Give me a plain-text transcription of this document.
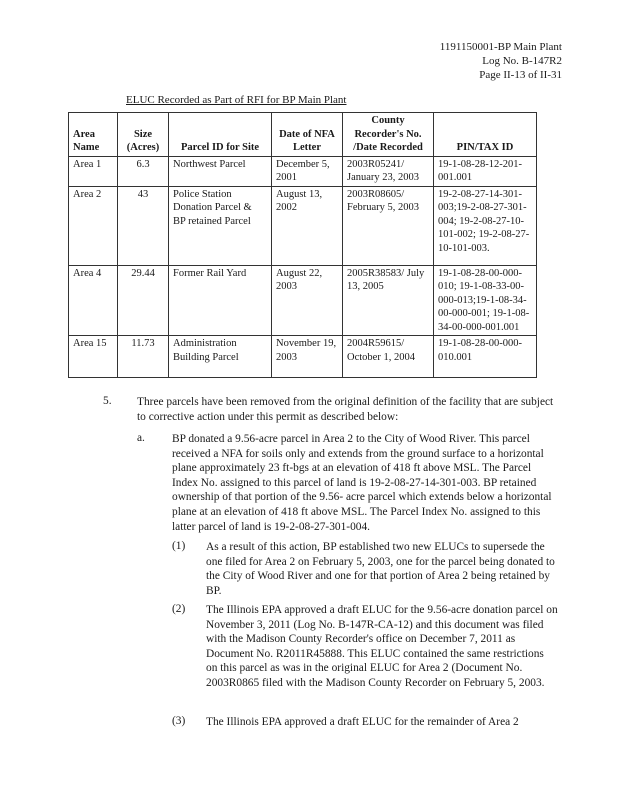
1191150001-BP Main Plant
Log No. B-147R2
Page II-13 of II-31
ELUC Recorded as Part of RFI for BP Main Plant
Area Name	Size (Acres)	Parcel ID for Site	Date of NFA Letter	County Recorder's No. /Date Recorded	PIN/TAX ID
Area 1	6.3	Northwest Parcel	December 5, 2001	2003R05241/ January 23, 2003	19-1-08-28-12-201-001.001
Area 2	43	Police Station Donation Parcel & BP retained Parcel	August 13, 2002	2003R08605/ February 5, 2003	19-2-08-27-14-301-003;19-2-08-27-301-004; 19-2-08-27-10-101-002; 19-2-08-27-10-101-003.
Area 4	29.44	Former Rail Yard	August 22, 2003	2005R38583/ July 13, 2005	19-1-08-28-00-000-010; 19-1-08-33-00-000-013;19-1-08-34-00-000-001; 19-1-08-34-00-000-001.001
Area 15	11.73	Administration Building Parcel	November 19, 2003	2004R59615/ October 1, 2004	19-1-08-28-00-000-010.001
5. Three parcels have been removed from the original definition of the facility that are subject to corrective action under this permit as described below:
a. BP donated a 9.56-acre parcel in Area 2 to the City of Wood River. This parcel received a NFA for soils only and extends from the ground surface to a horizontal plane approximately 23 ft-bgs at an elevation of 418 ft above MSL. The Parcel Index No. assigned to this parcel of land is 19-2-08-27-14-301-003. BP retained ownership of that portion of the 9.56- acre parcel which extends below a horizontal plane at an elevation of 418 ft above MSL. The Parcel Index No. assigned to this latter parcel of land is 19-2-08-27-301-004.
(1) As a result of this action, BP established two new ELUCs to supersede the one filed for Area 2 on February 5, 2003, one for the parcel being donated to the City of Wood River and one for that portion of Area 2 being retained by BP.
(2) The Illinois EPA approved a draft ELUC for the 9.56-acre donation parcel on November 3, 2011 (Log No. B-147R-CA-12) and this document was filed with the Madison County Recorder's office on December 7, 2011 as Document No. R2011R45888. This ELUC contained the same restrictions on this parcel as was in the original ELUC for Area 2 (Document No. 2003R0865 filed with the Madison County Recorder on February 5, 2003.
(3) The Illinois EPA approved a draft ELUC for the remainder of Area 2
